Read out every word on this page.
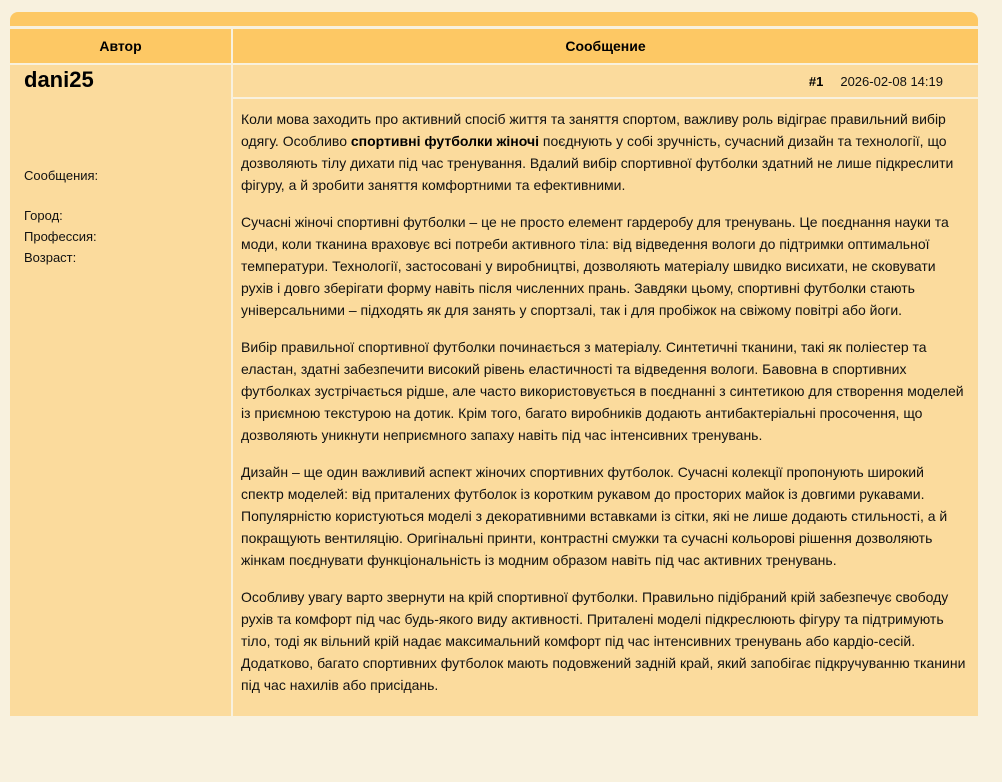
Автор	Сообщение
dani25
Сообщения:
Город:
Профессия:
Возраст:
#1 2026-02-08 14:19

Коли мова заходить про активний спосіб життя та заняття спортом, важливу роль відіграє правильний вибір одягу. Особливо спортивні футболки жіночі поєднують у собі зручність, сучасний дизайн та технології, що дозволяють тілу дихати під час тренування. Вдалий вибір спортивної футболки здатний не лише підкреслити фігуру, а й зробити заняття комфортними та ефективними.

Сучасні жіночі спортивні футболки – це не просто елемент гардеробу для тренувань. Це поєднання науки та моди, коли тканина враховує всі потреби активного тіла: від відведення вологи до підтримки оптимальної температури. Технології, застосовані у виробництві, дозволяють матеріалу швидко висихати, не сковувати рухів і довго зберігати форму навіть після численних прань. Завдяки цьому, спортивні футболки стають універсальними – підходять як для занять у спортзалі, так і для пробіжок на свіжому повітрі або йоги.

Вибір правильної спортивної футболки починається з матеріалу. Синтетичні тканини, такі як поліестер та еластан, здатні забезпечити високий рівень еластичності та відведення вологи. Бавовна в спортивних футболках зустрічається рідше, але часто використовується в поєднанні з синтетикою для створення моделей із приємною текстурою на дотик. Крім того, багато виробників додають антибактеріальні просочення, що дозволяють уникнути неприємного запаху навіть під час інтенсивних тренувань.

Дизайн – ще один важливий аспект жіночих спортивних футболок. Сучасні колекції пропонують широкий спектр моделей: від приталених футболок із коротким рукавом до просторих майок із довгими рукавами. Популярністю користуються моделі з декоративними вставками із сітки, які не лише додають стильності, а й покращують вентиляцію. Оригінальні принти, контрастні смужки та сучасні кольорові рішення дозволяють жінкам поєднувати функціональність із модним образом навіть під час активних тренувань.

Особливу увагу варто звернути на крій спортивної футболки. Правильно підібраний крій забезпечує свободу рухів та комфорт під час будь-якого виду активності. Приталені моделі підкреслюють фігуру та підтримують тіло, тоді як вільний крій надає максимальний комфорт під час інтенсивних тренувань або кардіо-сесій. Додатково, багато спортивних футболок мають подовжений задній край, який запобігає підкручуванню тканини під час нахилів або присідань.
